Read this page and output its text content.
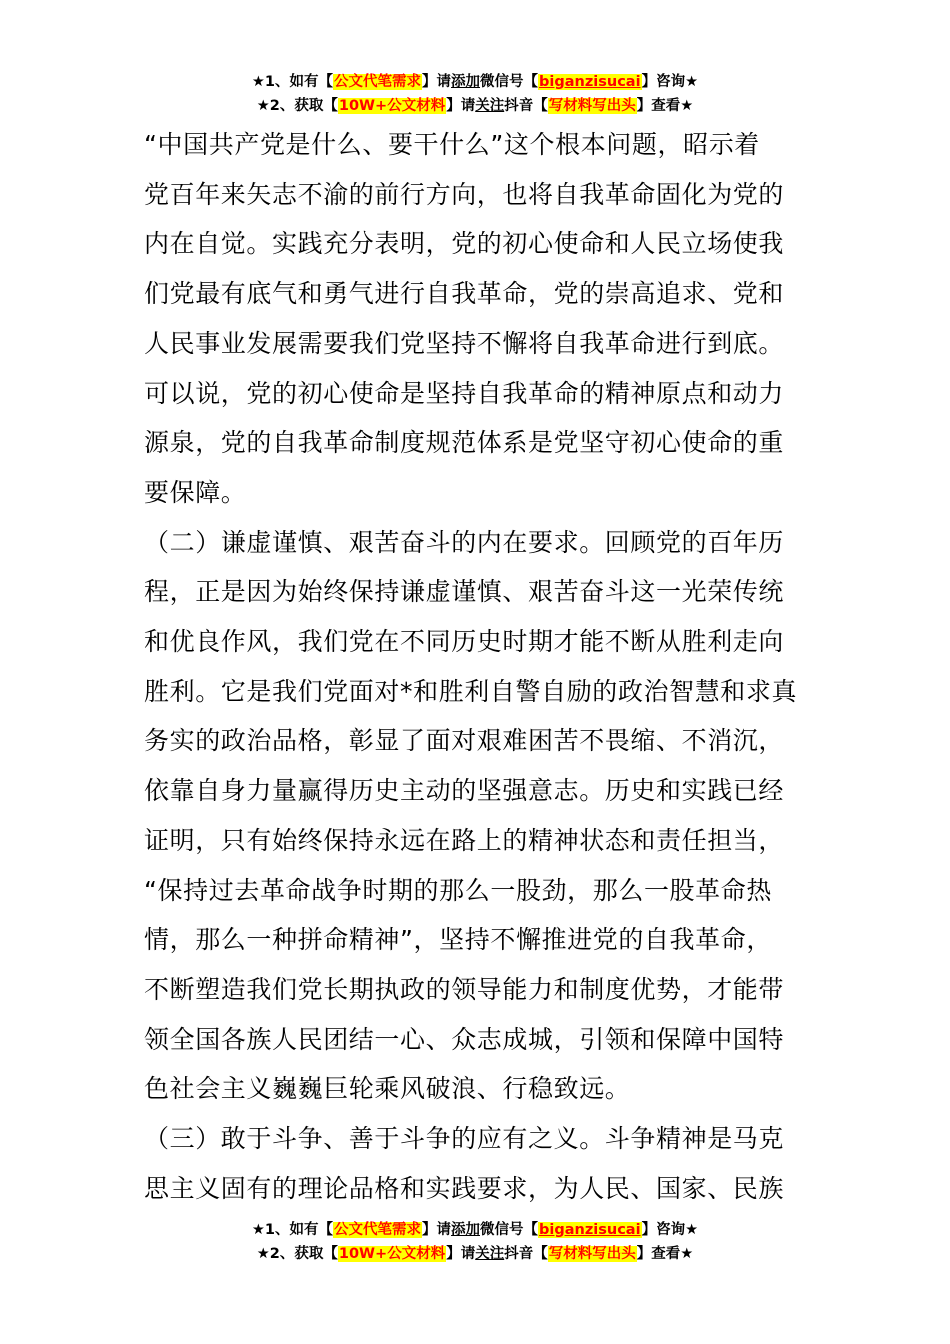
★1、如有【公文代笔需求】请添加微信号【biganzisucai】咨询★
★2、获取【10W+公文材料】请关注抖音【写材料写出头】查看★

“中国共产党是什么、要干什么”这个根本问题，昭示着

党百年来矢志不渝的前行方向，也将自我革命固化为党的

内在自觉。实践充分表明，党的初心使命和人民立场使我

们党最有底气和勇气进行自我革命，党的崇高追求、党和

人民事业发展需要我们党坚持不懈将自我革命进行到底。

可以说，党的初心使命是坚持自我革命的精神原点和动力

源泉，党的自我革命制度规范体系是党坚守初心使命的重

要保障。

（二）谦虚谨慎、艰苦奋斗的内在要求。回顾党的百年历

程，正是因为始终保持谦虚谨慎、艰苦奋斗这一光荣传统

和优良作风，我们党在不同历史时期才能不断从胜利走向

胜利。它是我们党面对*和胜利自警自励的政治智慧和求真

务实的政治品格，彰显了面对艰难困苦不畏缩、不消沉，

依靠自身力量赢得历史主动的坚强意志。历史和实践已经

证明，只有始终保持永远在路上的精神状态和责任担当，

“保持过去革命战争时期的那么一股劲，那么一股革命热

情，那么一种拼命精神”，坚持不懈推进党的自我革命，

不断塑造我们党长期执政的领导能力和制度优势，才能带

领全国各族人民团结一心、众志成城，引领和保障中国特

色社会主义巍巍巨轮乘风破浪、行稳致远。

（三）敢于斗争、善于斗争的应有之义。斗争精神是马克

思主义固有的理论品格和实践要求，为人民、国家、民族

★1、如有【公文代笔需求】请添加微信号【biganzisucai】咨询★
★2、获取【10W+公文材料】请关注抖音【写材料写出头】查看★
